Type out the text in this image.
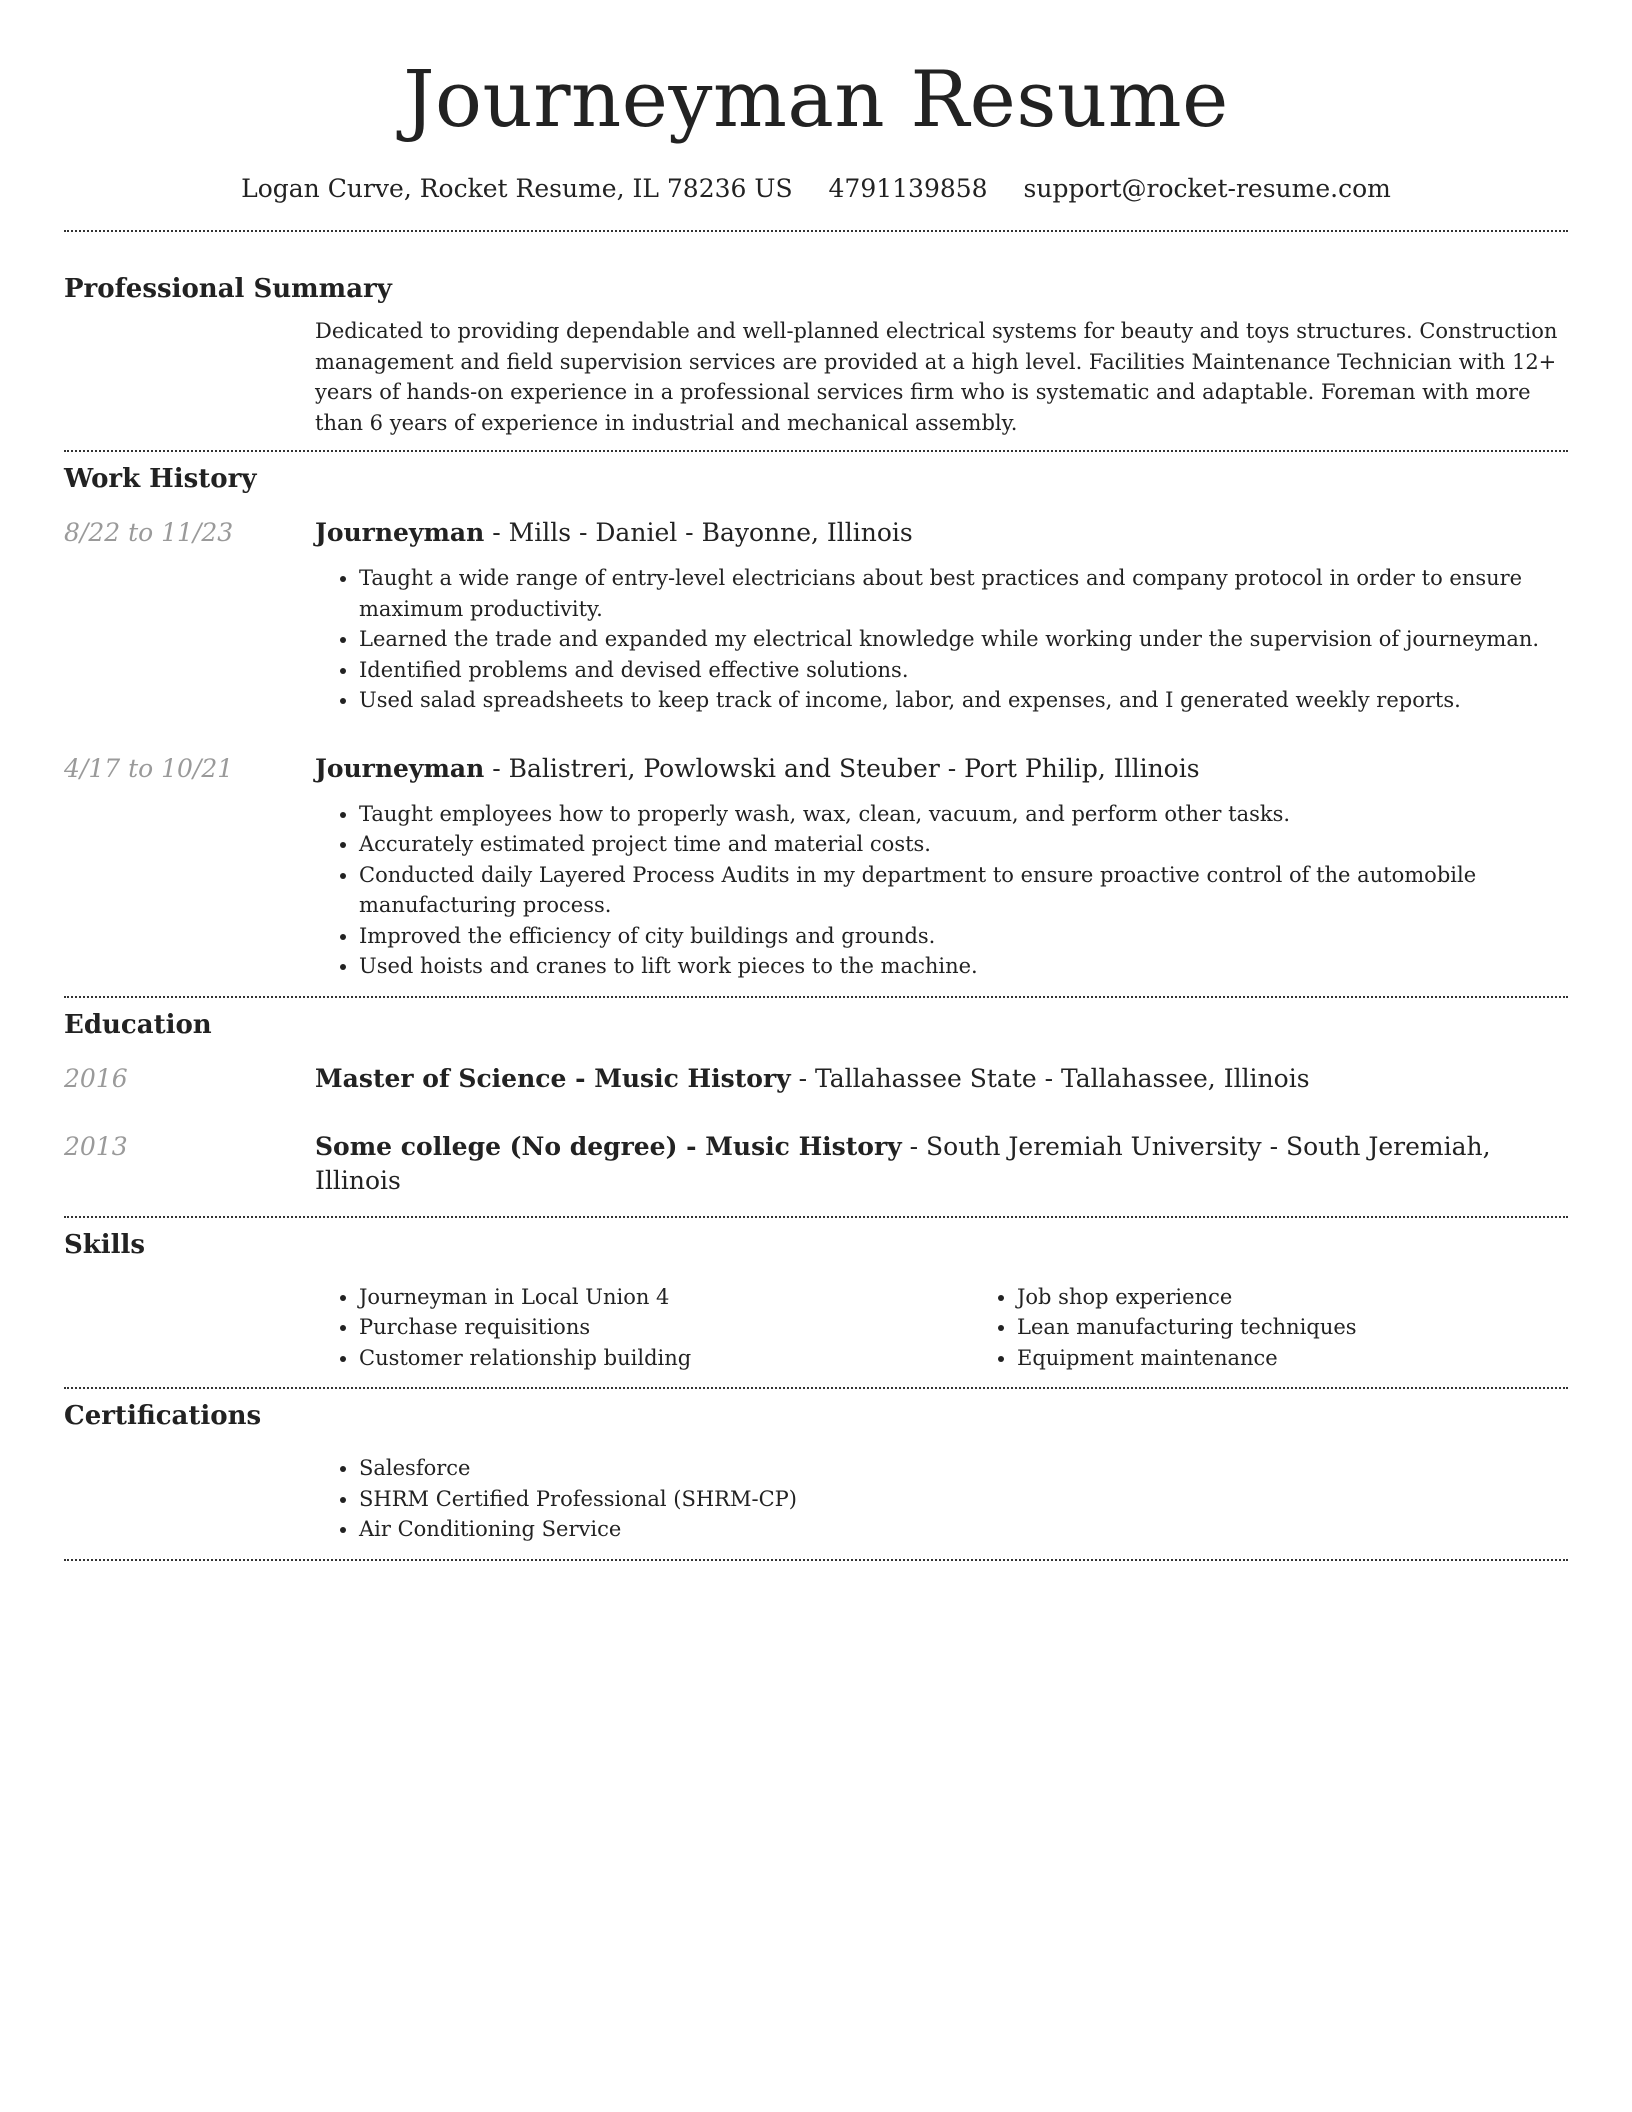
Journeyman Resume
Logan Curve, Rocket Resume, IL 78236 US 4791139858 support@rocket-resume.com
Professional Summary
Dedicated to providing dependable and well-planned electrical systems for beauty and toys structures. Construction management and field supervision services are provided at a high level. Facilities Maintenance Technician with 12+ years of hands-on experience in a professional services firm who is systematic and adaptable. Foreman with more than 6 years of experience in industrial and mechanical assembly.
Work History
8/22 to 11/23	Journeyman - Mills - Daniel - Bayonne, Illinois
• Taught a wide range of entry-level electricians about best practices and company protocol in order to ensure maximum productivity.
• Learned the trade and expanded my electrical knowledge while working under the supervision of journeyman.
• Identified problems and devised effective solutions.
• Used salad spreadsheets to keep track of income, labor, and expenses, and I generated weekly reports.
4/17 to 10/21	Journeyman - Balistreri, Powlowski and Steuber - Port Philip, Illinois
• Taught employees how to properly wash, wax, clean, vacuum, and perform other tasks.
• Accurately estimated project time and material costs.
• Conducted daily Layered Process Audits in my department to ensure proactive control of the automobile manufacturing process.
• Improved the efficiency of city buildings and grounds.
• Used hoists and cranes to lift work pieces to the machine.
Education
2016	Master of Science - Music History - Tallahassee State - Tallahassee, Illinois
2013	Some college (No degree) - Music History - South Jeremiah University - South Jeremiah, Illinois
Skills
• Journeyman in Local Union 4
• Purchase requisitions
• Customer relationship building
• Job shop experience
• Lean manufacturing techniques
• Equipment maintenance
Certifications
• Salesforce
• SHRM Certified Professional (SHRM-CP)
• Air Conditioning Service
